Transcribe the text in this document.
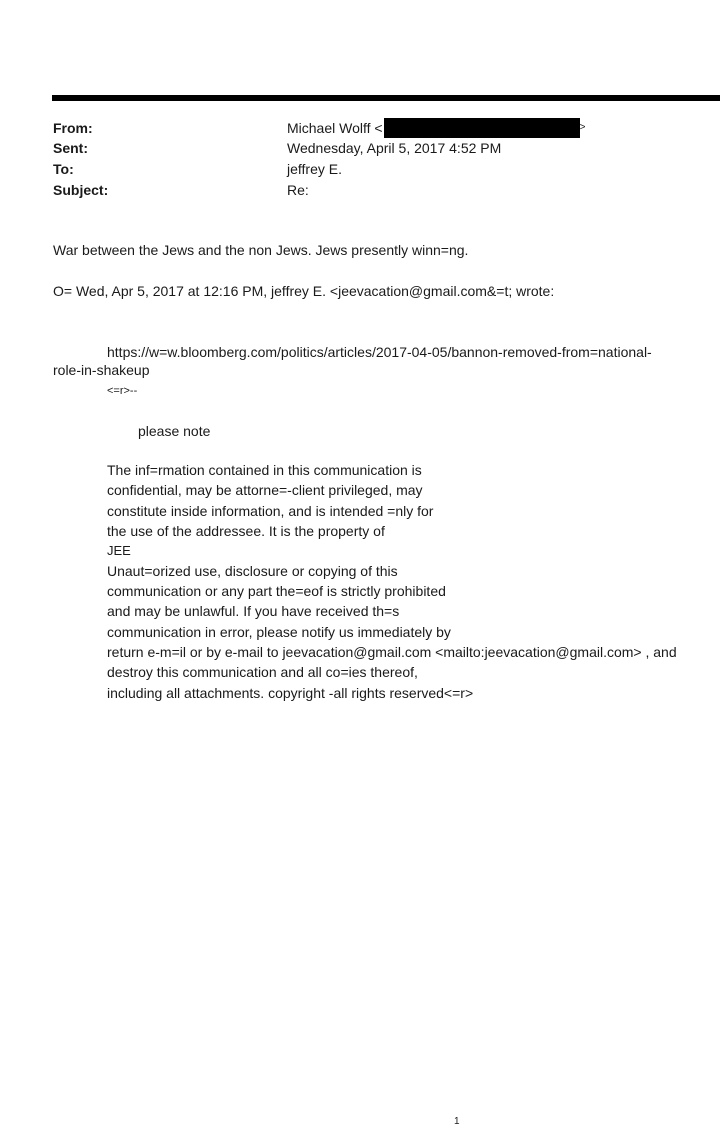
From:
Sent:
To:
Subject:
Michael Wolff <	>
Wednesday, April 5, 2017 4:52 PM
jeffrey E.
Re:
War between the Jews and the non Jews. Jews presently winn=ng.
O= Wed, Apr 5, 2017 at 12:16 PM, jeffrey E. <jeevacation@gmail.com&=t; wrote:
https://w=w.bloomberg.com/politics/articles/2017-04-05/bannon-removed-from=national-
role-in-shakeup
<=r>--
please note
The inf=rmation contained in this communication is
confidential, may be attorne=-client privileged, may
constitute inside information, and is intended =nly for
the use of the addressee. It is the property of
JEE
Unaut=orized use, disclosure or copying of this
communication or any part the=eof is strictly prohibited
and may be unlawful. If you have received th=s
communication in error, please notify us immediately by
return e-m=il or by e-mail to jeevacation@gmail.com <mailto:jeevacation@gmail.com> , and
destroy this communication and all co=ies thereof,
including all attachments. copyright -all rights reserved<=r>
1
